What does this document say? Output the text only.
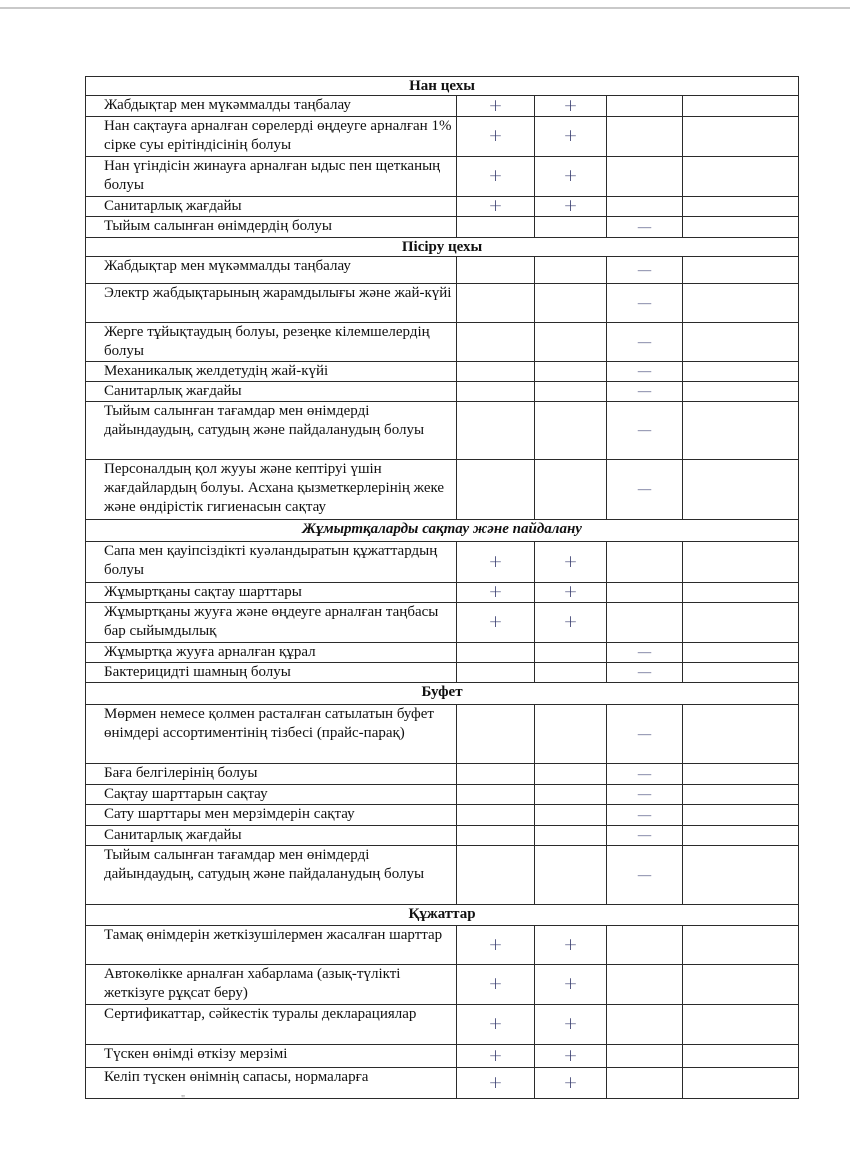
Нан цехы				
Жабдықтар мен мүкәммалды таңбалау	+	+		
Нан сақтауға арналған сөрелерді өңдеуге арналған 1% сірке суы ерітіндісінің болуы	+	+		
Нан үгіндісін жинауға арналған ыдыс пен щетканың болуы	+	+		
Санитарлық жағдайы	+	+		
Тыйым салынған өнімдердің болуы			—	
Пісіру цехы				
Жабдықтар мен мүкәммалды таңбалау			—	
Электр жабдықтарының жарамдылығы және жай-күйі			—	
Жерге тұйықтаудың болуы, резеңке кілемшелердің болуы			—	
Механикалық желдетудің жай-күйі			—	
Санитарлық жағдайы			—	
Тыйым салынған тағамдар мен өнімдерді дайындаудың, сатудың және пайдаланудың болуы			—	
Персоналдың қол жууы және кептіруі үшін жағдайлардың болуы. Асхана қызметкерлерінің жеке және өндірістік гигиенасын сақтау			—	
Жұмыртқаларды сақтау және пайдалану				
Сапа мен қауіпсіздікті куәландыратын құжаттардың болуы	+	+		
Жұмыртқаны сақтау шарттары	+	+		
Жұмыртқаны жууға және өңдеуге арналған таңбасы бар сыйымдылық	+	+		
Жұмыртқа жууға арналған құрал			—	
Бактерицидті шамның болуы			—	
Буфет				
Мөрмен немесе қолмен расталған сатылатын буфет өнімдері ассортиментінің тізбесі (прайс-парақ)			—	
Баға белгілерінің болуы			—	
Сақтау шарттарын сақтау			—	
Сату шарттары мен мерзімдерін сақтау			—	
Санитарлық жағдайы			—	
Тыйым салынған тағамдар мен өнімдерді дайындаудың, сатудың және пайдаланудың болуы			—	
Құжаттар				
Тамақ өнімдерін жеткізушілермен жасалған шарттар	+	+		
Автокөлікке арналған хабарлама (азық-түлікті жеткізуге рұқсат беру)	+	+		
Сертификаттар, сәйкестік туралы декларациялар	+	+		
Түскен өнімді өткізу мерзімі	+	+		
Келіп түскен өнімнің сапасы, нормаларға	+	+		
"
